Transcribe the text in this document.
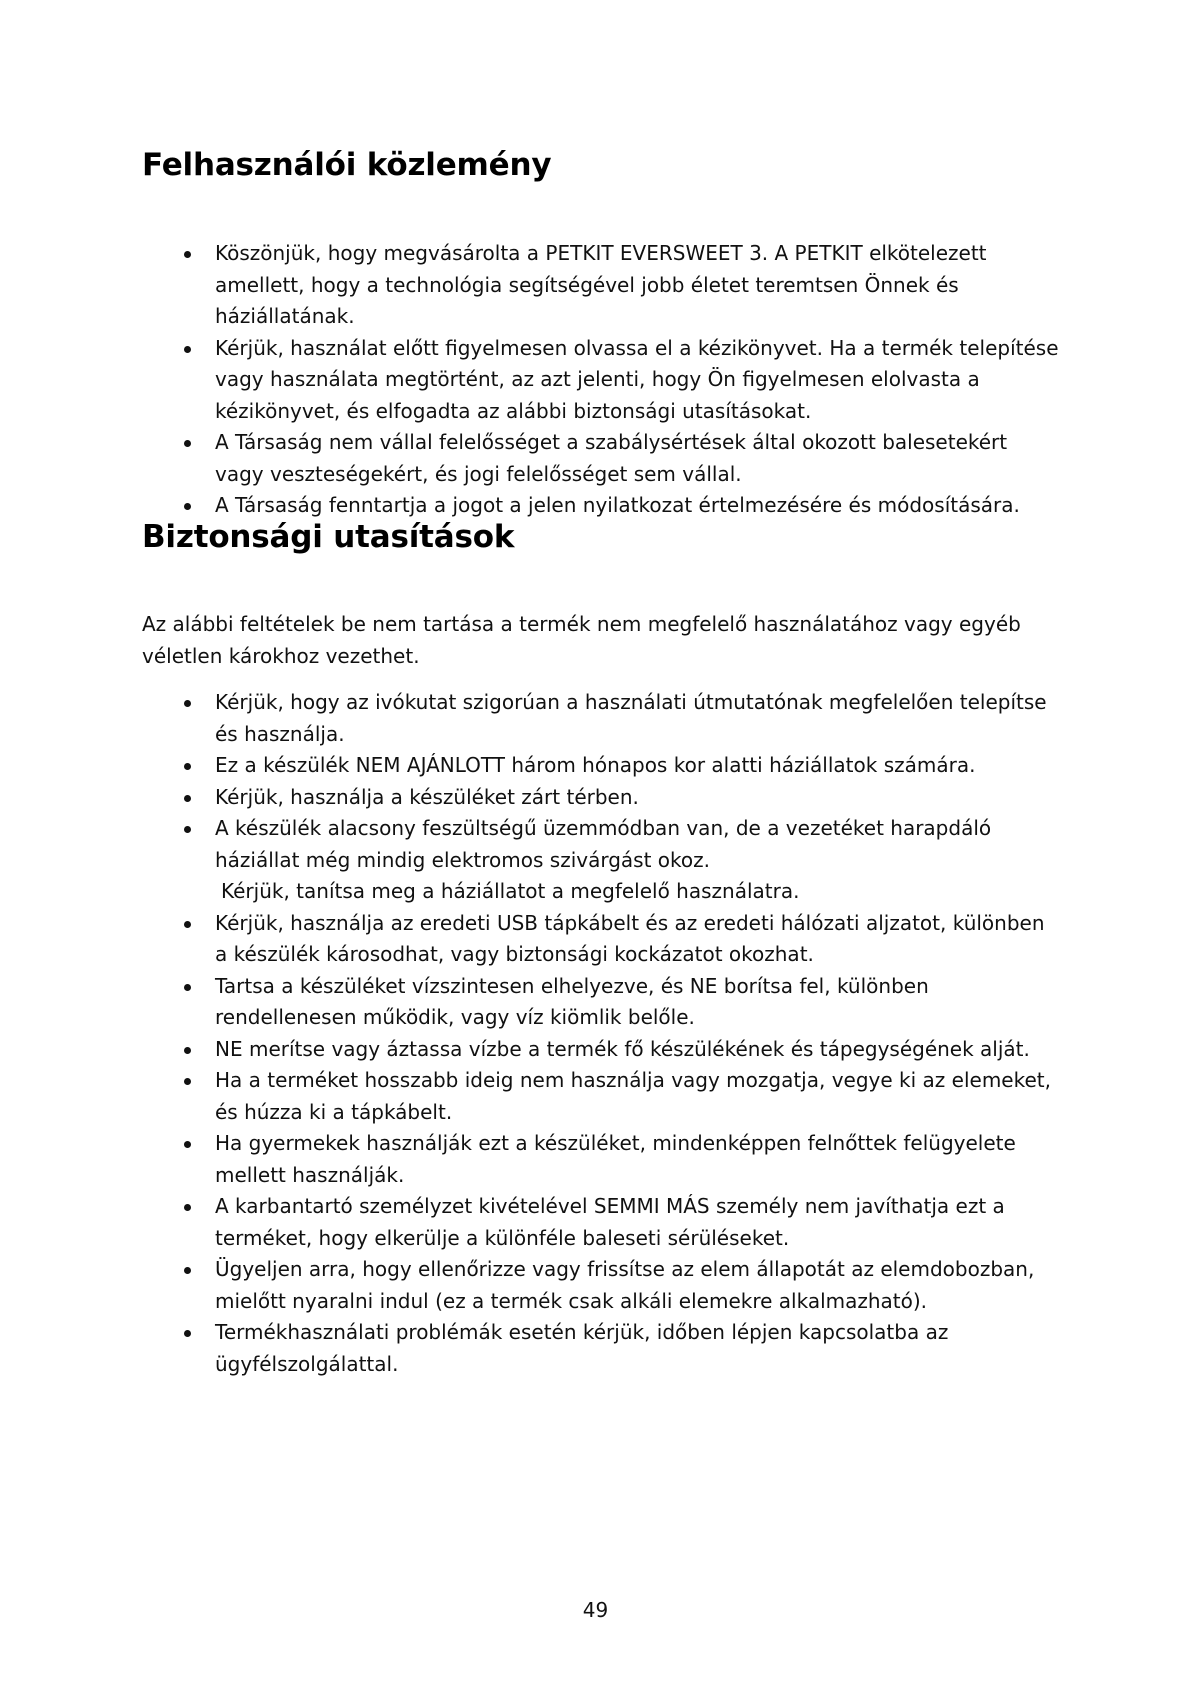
Felhasználói közlemény
Köszönjük, hogy megvásárolta a PETKIT EVERSWEET 3. A PETKIT elkötelezett amellett, hogy a technológia segítségével jobb életet teremtsen Önnek és háziállatának.
Kérjük, használat előtt figyelmesen olvassa el a kézikönyvet. Ha a termék telepítése vagy használata megtörtént, az azt jelenti, hogy Ön figyelmesen elolvasta a kézikönyvet, és elfogadta az alábbi biztonsági utasításokat.
A Társaság nem vállal felelősséget a szabálysértések által okozott balesetekért vagy veszteségekért, és jogi felelősséget sem vállal.
A Társaság fenntartja a jogot a jelen nyilatkozat értelmezésére és módosítására.
Biztonsági utasítások

Az alábbi feltételek be nem tartása a termék nem megfelelő használatához vagy egyéb véletlen károkhoz vezethet.

Kérjük, hogy az ivókutat szigorúan a használati útmutatónak megfelelően telepítse és használja.
Ez a készülék NEM AJÁNLOTT három hónapos kor alatti háziállatok számára.
Kérjük, használja a készüléket zárt térben.
A készülék alacsony feszültségű üzemmódban van, de a vezetéket harapdáló háziállat még mindig elektromos szivárgást okoz.
Kérjük, tanítsa meg a háziállatot a megfelelő használatra.
Kérjük, használja az eredeti USB tápkábelt és az eredeti hálózati aljzatot, különben a készülék károsodhat, vagy biztonsági kockázatot okozhat.
Tartsa a készüléket vízszintesen elhelyezve, és NE borítsa fel, különben rendellenesen működik, vagy víz kiömlik belőle.
NE merítse vagy áztassa vízbe a termék fő készülékének és tápegységének alját.
Ha a terméket hosszabb ideig nem használja vagy mozgatja, vegye ki az elemeket, és húzza ki a tápkábelt.
Ha gyermekek használják ezt a készüléket, mindenképpen felnőttek felügyelete mellett használják.
A karbantartó személyzet kivételével SEMMI MÁS személy nem javíthatja ezt a terméket, hogy elkerülje a különféle baleseti sérüléseket.
Ügyeljen arra, hogy ellenőrizze vagy frissítse az elem állapotát az elemdobozban, mielőtt nyaralni indul (ez a termék csak alkáli elemekre alkalmazható).
Termékhasználati problémák esetén kérjük, időben lépjen kapcsolatba az ügyfélszolgálattal.
49
